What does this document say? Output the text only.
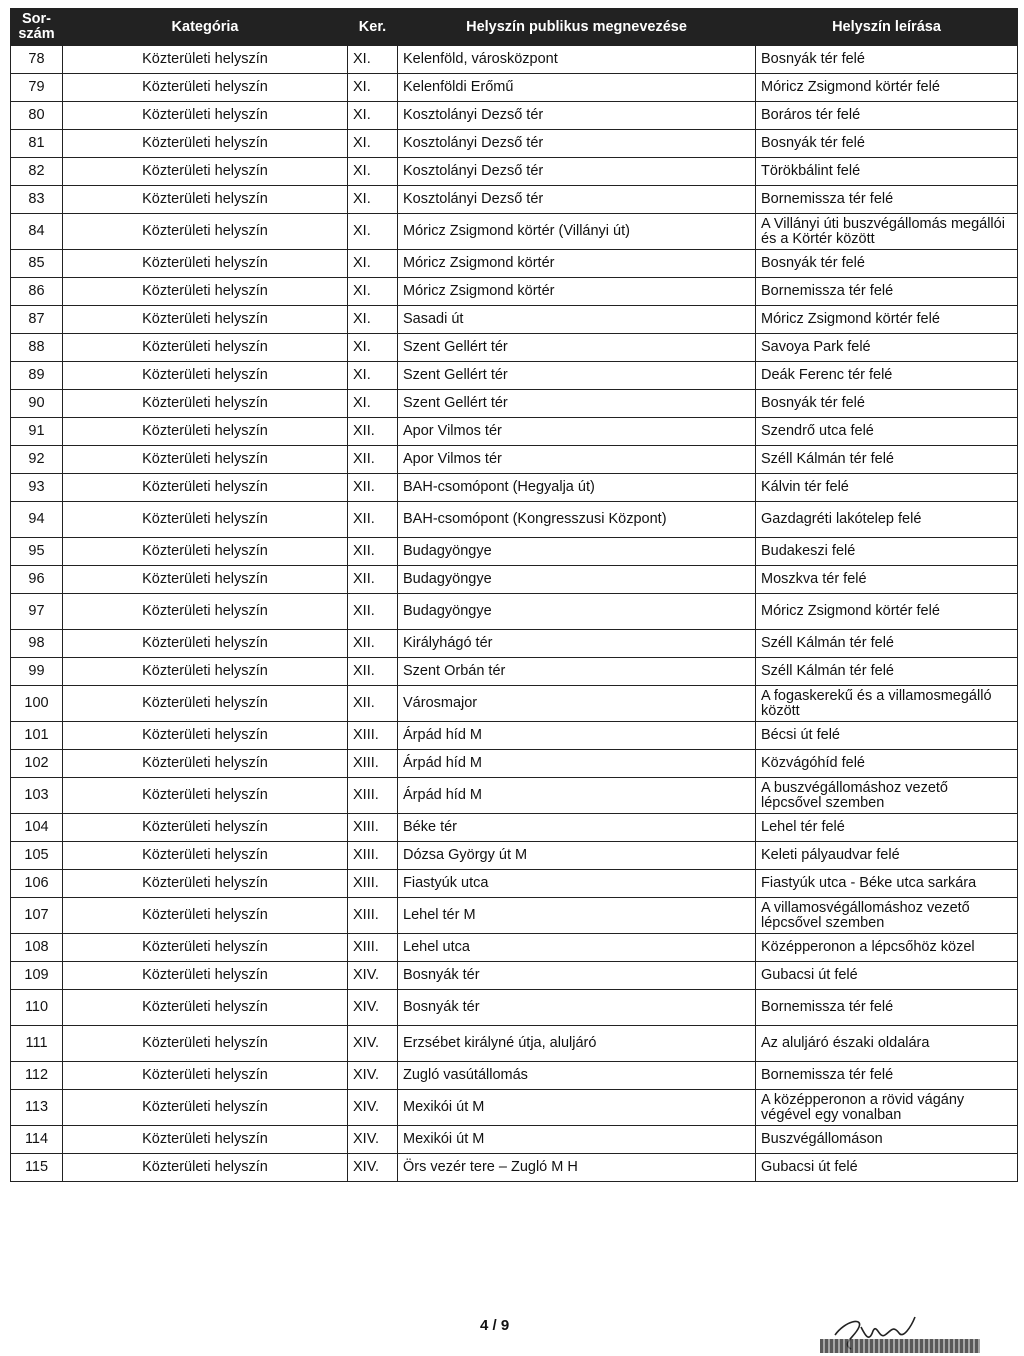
Sor-szám	Kategória	Ker.	Helyszín publikus megnevezése	Helyszín leírása
78	Közterületi helyszín	XI.	Kelenföld, városközpont	Bosnyák tér felé
79	Közterületi helyszín	XI.	Kelenföldi Erőmű	Móricz Zsigmond körtér felé
80	Közterületi helyszín	XI.	Kosztolányi Dezső tér	Boráros tér felé
81	Közterületi helyszín	XI.	Kosztolányi Dezső tér	Bosnyák tér felé
82	Közterületi helyszín	XI.	Kosztolányi Dezső tér	Törökbálint felé
83	Közterületi helyszín	XI.	Kosztolányi Dezső tér	Bornemissza tér felé
84	Közterületi helyszín	XI.	Móricz Zsigmond körtér (Villányi út)	A Villányi úti buszvégállomás megállói és a Körtér között
85	Közterületi helyszín	XI.	Móricz Zsigmond körtér	Bosnyák tér felé
86	Közterületi helyszín	XI.	Móricz Zsigmond körtér	Bornemissza tér felé
87	Közterületi helyszín	XI.	Sasadi út	Móricz Zsigmond körtér felé
88	Közterületi helyszín	XI.	Szent Gellért tér	Savoya Park felé
89	Közterületi helyszín	XI.	Szent Gellért tér	Deák Ferenc tér felé
90	Közterületi helyszín	XI.	Szent Gellért tér	Bosnyák tér felé
91	Közterületi helyszín	XII.	Apor Vilmos tér	Szendrő utca felé
92	Közterületi helyszín	XII.	Apor Vilmos tér	Széll Kálmán tér felé
93	Közterületi helyszín	XII.	BAH-csomópont (Hegyalja út)	Kálvin tér felé
94	Közterületi helyszín	XII.	BAH-csomópont (Kongresszusi Központ)	Gazdagréti lakótelep felé
95	Közterületi helyszín	XII.	Budagyöngye	Budakeszi felé
96	Közterületi helyszín	XII.	Budagyöngye	Moszkva tér felé
97	Közterületi helyszín	XII.	Budagyöngye	Móricz Zsigmond körtér felé
98	Közterületi helyszín	XII.	Királyhágó tér	Széll Kálmán tér felé
99	Közterületi helyszín	XII.	Szent Orbán tér	Széll Kálmán tér felé
100	Közterületi helyszín	XII.	Városmajor	A fogaskerekű és a villamosmegálló között
101	Közterületi helyszín	XIII.	Árpád híd M	Bécsi út felé
102	Közterületi helyszín	XIII.	Árpád híd M	Közvágóhíd felé
103	Közterületi helyszín	XIII.	Árpád híd M	A buszvégállomáshoz vezető lépcsővel szemben
104	Közterületi helyszín	XIII.	Béke tér	Lehel tér felé
105	Közterületi helyszín	XIII.	Dózsa György út M	Keleti pályaudvar felé
106	Közterületi helyszín	XIII.	Fiastyúk utca	Fiastyúk utca - Béke utca sarkára
107	Közterületi helyszín	XIII.	Lehel tér M	A villamosvégállomáshoz vezető lépcsővel szemben
108	Közterületi helyszín	XIII.	Lehel utca	Középperonon a lépcsőhöz közel
109	Közterületi helyszín	XIV.	Bosnyák tér	Gubacsi út felé
110	Közterületi helyszín	XIV.	Bosnyák tér	Bornemissza tér felé
111	Közterületi helyszín	XIV.	Erzsébet királyné útja, aluljáró	Az aluljáró északi oldalára
112	Közterületi helyszín	XIV.	Zugló vasútállomás	Bornemissza tér felé
113	Közterületi helyszín	XIV.	Mexikói út M	A középperonon a rövid vágány végével egy vonalban
114	Közterületi helyszín	XIV.	Mexikói út M	Buszvégállomáson
115	Közterületi helyszín	XIV.	Örs vezér tere – Zugló M H	Gubacsi út felé
4 / 9
